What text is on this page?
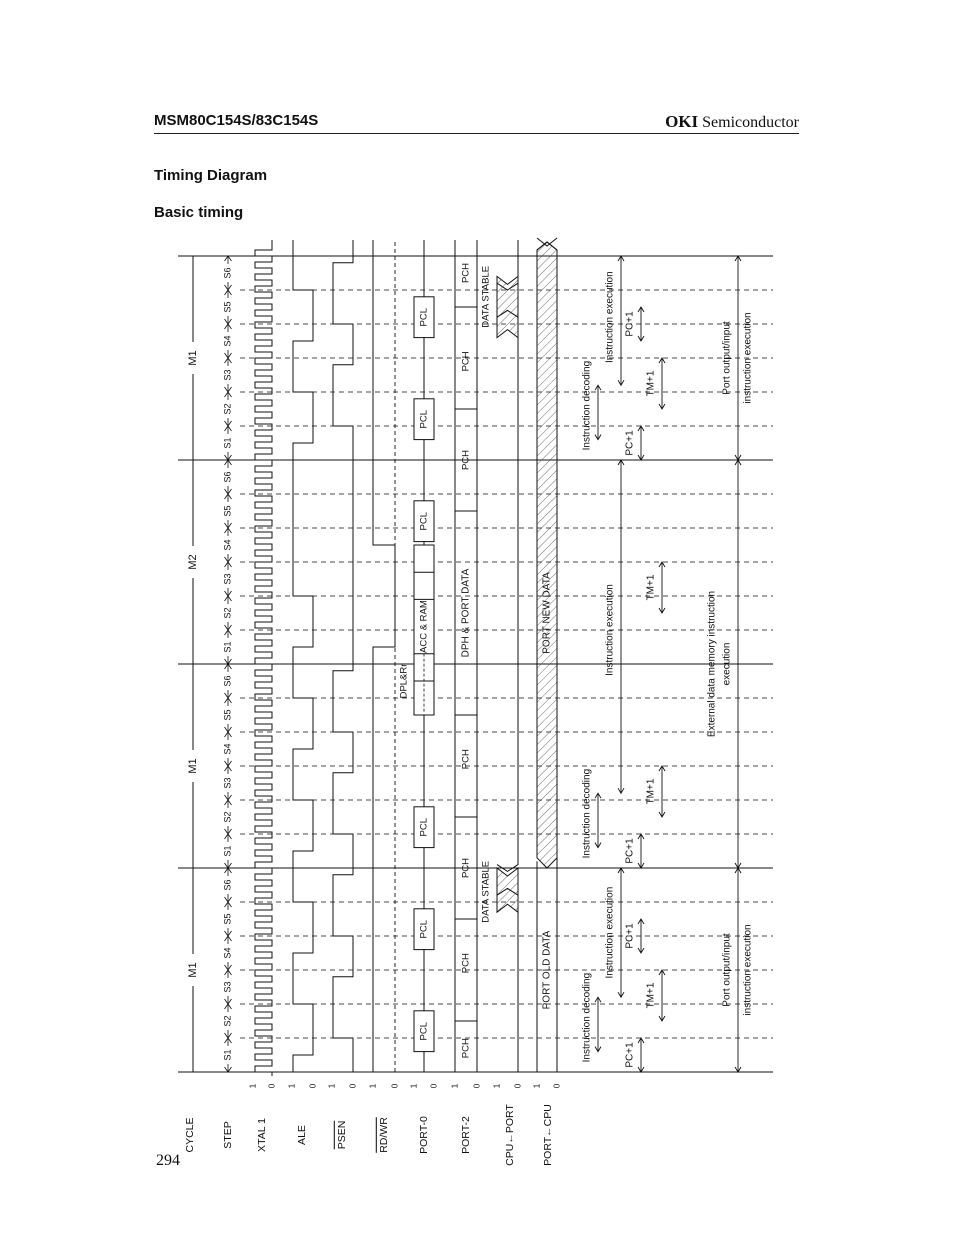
MSM80C154S/83C154S	OKI Semiconductor
Timing Diagram
Basic timing
294
M1
M1
M2
M1
S1
S2
S3
S4
S5
S6
S1
S2
S3
S4
S5
S6
S1
S2
S3
S4
S5
S6
S1
S2
S3
S4
S5
S6
PCL
PCL
PCL
PCL
PCL
PCL
ACC & RAM
DPL&Rr
PCH
PCH
PCH
PCH
PCH
PCH
PCH
DPH & PORT DATA
DATA STABLE
DATA STABLE
PORT OLD DATA
PORT NEW DATA
Instruction decoding
Instruction decoding
Instruction decoding
Instruction execution
Instruction execution
Instruction execution
PC+1
PC+1
PC+1
PC+1
PC+1
TM+1
TM+1
TM+1
TM+1
Port output/input instruction execution
Port output/input instruction execution
External data memory instruction execution
CYCLE STEP XTAL 1
1 0
ALE
1 0
PSEN
1 0
RD/WR
1 0
PORT-0
1 0
PORT-2
1 0
CPU←PORT
1 0
PORT←CPU
1 0
